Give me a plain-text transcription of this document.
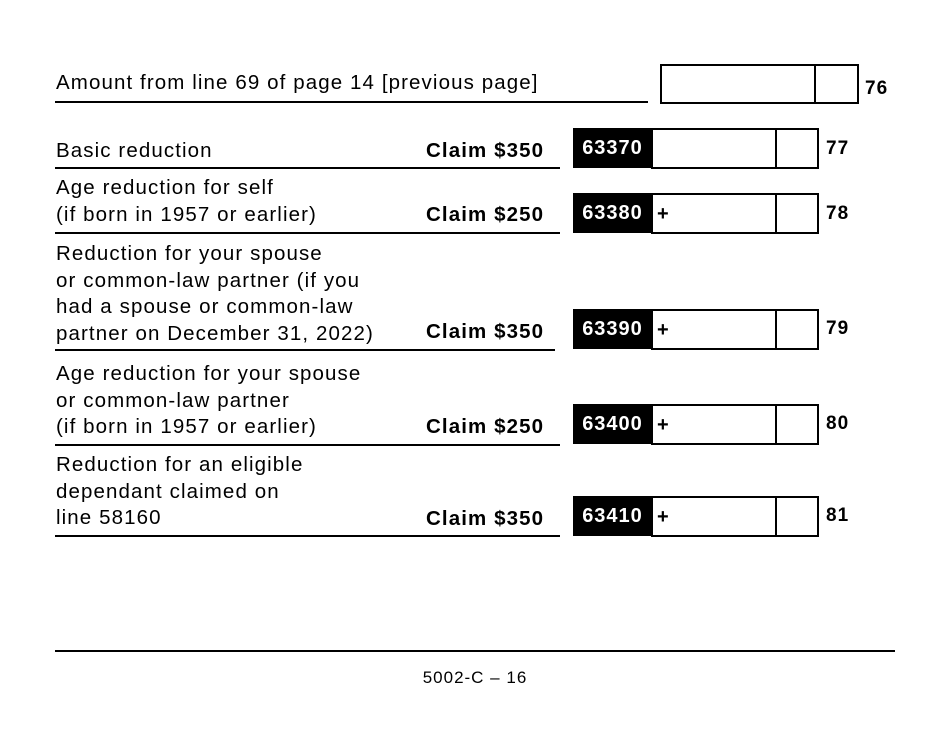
Amount from line 69 of page 14 [previous page]	76
Basic reduction	Claim $350	63370	77
Age reduction for self
(if born in 1957 or earlier)	Claim $250	63380 +	78
Reduction for your spouse
or common-law partner (if you
had a spouse or common-law
partner on December 31, 2022)	Claim $350	63390 +	79
Age reduction for your spouse
or common-law partner
(if born in 1957 or earlier)	Claim $250	63400 +	80
Reduction for an eligible
dependant claimed on
line 58160	Claim $350	63410 +	81
5002-C – 16
